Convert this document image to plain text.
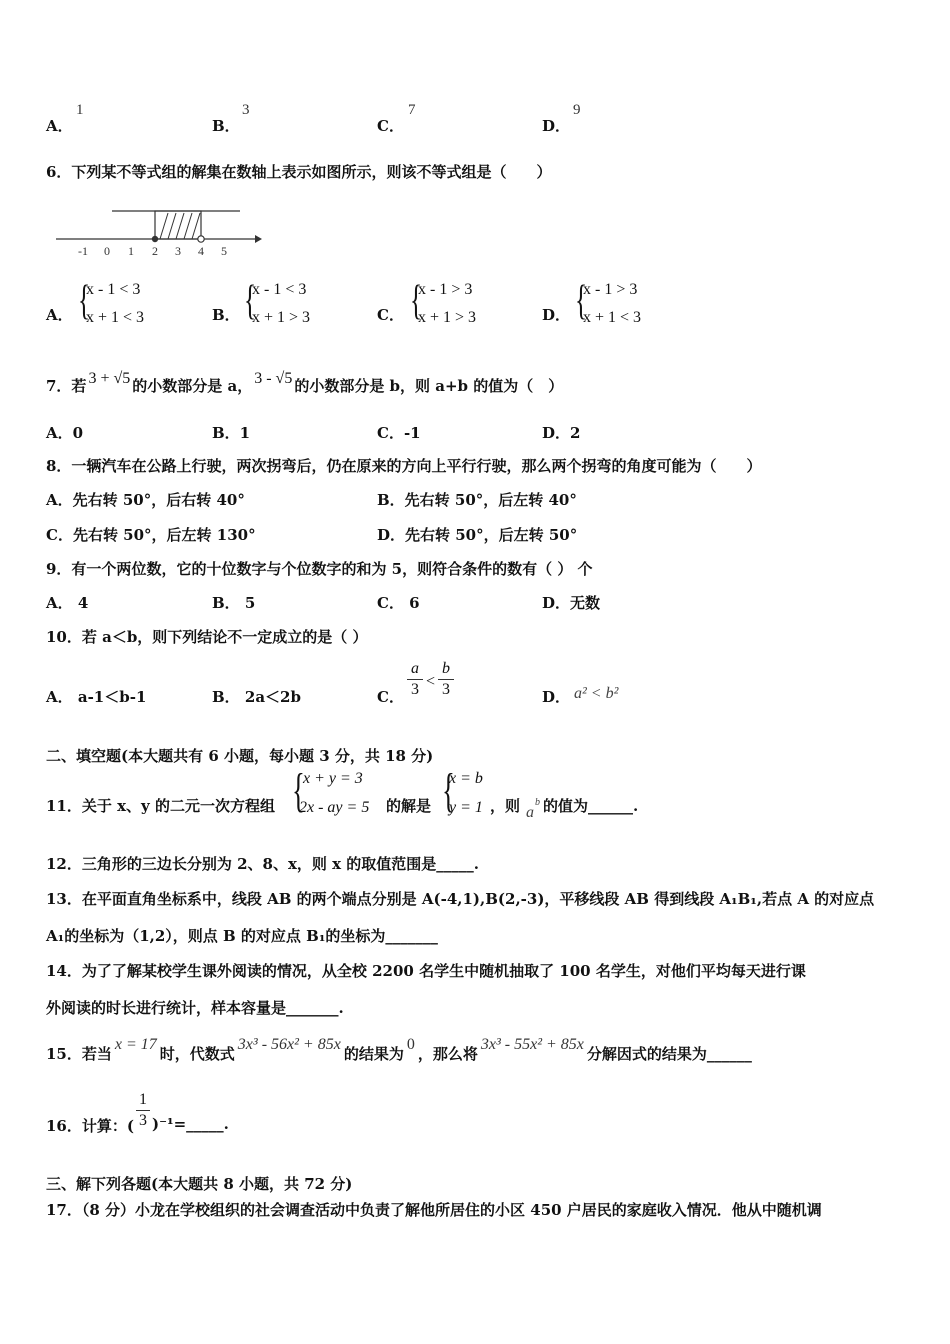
A．
1
B．
3
C．
7
D．
9
6．下列某不等式组的解集在数轴上表示如图所示，则该不等式组是（　　）
-1 0 1 2 3 4 5
A． {
x - 1 < 3
x + 1 < 3	B． {
x - 1 < 3
x + 1 > 3	C． {
x - 1 > 3
x + 1 > 3	D． {
x - 1 > 3
x + 1 < 3
7．若 3 + √5 的小数部分是 a， 3 - √5 的小数部分是 b，则 a+b 的值为（　）
A．0	B．1	C．-1	D．2
8．一辆汽车在公路上行驶，两次拐弯后，仍在原来的方向上平行行驶，那么两个拐弯的角度可能为（　　）
A．先右转 50°，后右转 40°	B．先右转 50°，后左转 40°
C．先右转 50°，后左转 130°	D．先右转 50°，后左转 50°
9．有一个两位数，它的十位数字与个位数字的和为 5，则符合条件的数有（ ） 个
A． 4	B． 5	C． 6	D．无数
10．若 a＜b，则下列结论不一定成立的是（ ）
A． a-1＜b-1	B． 2a＜2b	C． $\frac{a}{3} < \frac{b}{3}$	D． a² < b²
二、填空题(本大题共有 6 小题，每小题 3 分，共 18 分)
11．关于 x、y 的二元一次方程组 {
x + y = 3
2x - ay = 5 的解是 {
x = b
y = 1 ，则 a
b 的值为______.
12．三角形的三边长分别为 2、8、x，则 x 的取值范围是_____.
13．在平面直角坐标系中，线段 AB 的两个端点分别是 A(-4,1),B(2,-3)，平移线段 AB 得到线段 A₁B₁,若点 A 的对应点
A₁的坐标为（1,2），则点 B 的对应点 B₁的坐标为_______
14．为了了解某校学生课外阅读的情况，从全校 2200 名学生中随机抽取了 100 名学生，对他们平均每天进行课
外阅读的时长进行统计，样本容量是_______.
15．若当x = 17时，代数式3x³ - 56x² + 85x的结果为0，那么将3x³ - 55x² + 85x分解因式的结果为______
16．计算：( $\frac{1}{3}$ )⁻¹=_____.
三、解下列各题(本大题共 8 小题，共 72 分)
17．（8 分）小龙在学校组织的社会调查活动中负责了解他所居住的小区 450 户居民的家庭收入情况．他从中随机调
